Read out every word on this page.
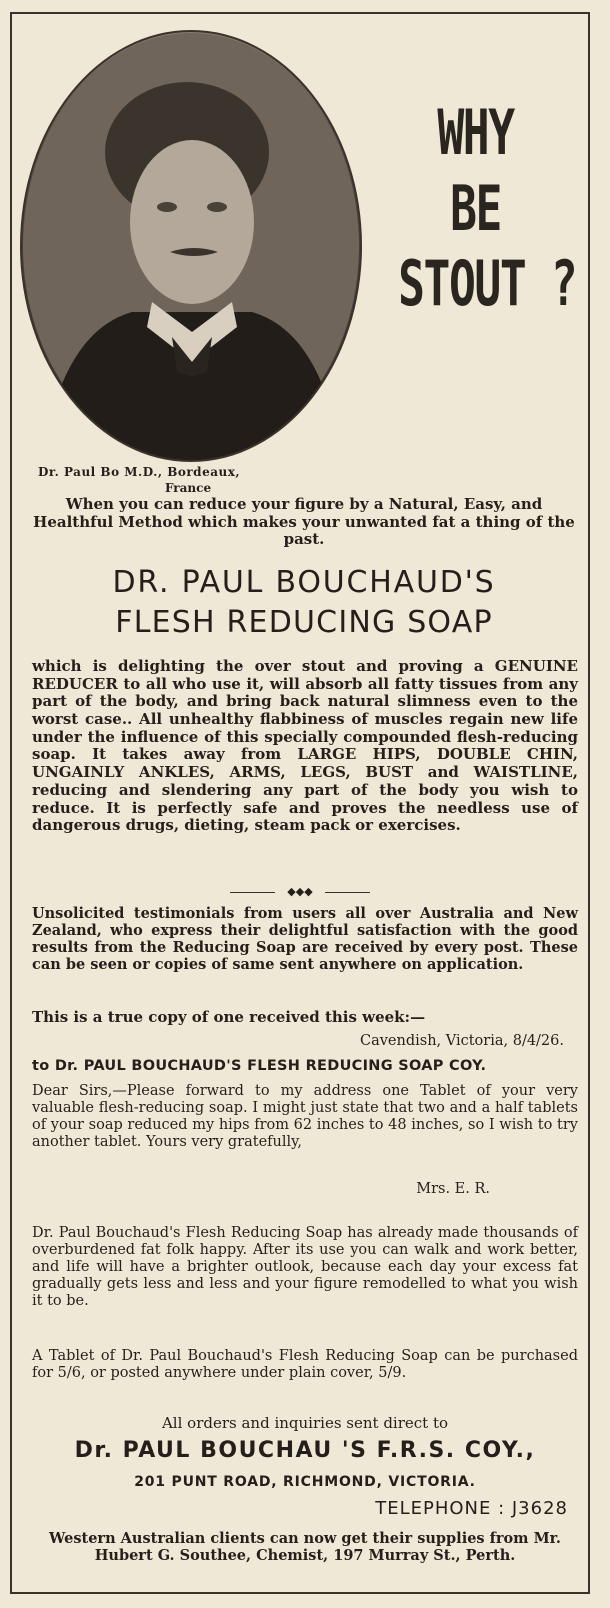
WHY
BE
STOUT ?
Dr. Paul Bo M.D., Bordeaux,
France
When you can reduce your figure by a Natural, Easy, and Healthful Method which makes your unwanted fat a thing of the past.
DR. PAUL BOUCHAUD'S
FLESH REDUCING SOAP
which is delighting the over stout and proving a GENUINE REDUCER to all who use it, will absorb all fatty tissues from any part of the body, and bring back natural slimness even to the worst case.. All unhealthy flabbiness of muscles regain new life under the influence of this specially compounded flesh-reducing soap. It takes away from LARGE HIPS, DOUBLE CHIN, UNGAINLY ANKLES, ARMS, LEGS, BUST and WAISTLINE, reducing and slendering any part of the body you wish to reduce. It is perfectly safe and proves the needless use of dangerous drugs, dieting, steam pack or exercises.
◆◆◆
Unsolicited testimonials from users all over Australia and New Zealand, who express their delightful satisfaction with the good results from the Reducing Soap are received by every post. These can be seen or copies of same sent anywhere on application.
This is a true copy of one received this week:—
Cavendish, Victoria, 8/4/26.
to Dr. PAUL BOUCHAUD'S FLESH REDUCING SOAP COY.
Dear Sirs,—Please forward to my address one Tablet of your very valuable flesh-reducing soap. I might just state that two and a half tablets of your soap reduced my hips from 62 inches to 48 inches, so I wish to try another tablet. Yours very gratefully,
Mrs. E. R.
Dr. Paul Bouchaud's Flesh Reducing Soap has already made thousands of overburdened fat folk happy. After its use you can walk and work better, and life will have a brighter outlook, because each day your excess fat gradually gets less and less and your figure remodelled to what you wish it to be.
A Tablet of Dr. Paul Bouchaud's Flesh Reducing Soap can be purchased for 5/6, or posted anywhere under plain cover, 5/9.
All orders and inquiries sent direct to
Dr. PAUL BOUCHAU 'S F.R.S. COY.,
201 PUNT ROAD, RICHMOND, VICTORIA.
TELEPHONE : J3628
Western Australian clients can now get their supplies from Mr. Hubert G. Southee, Chemist, 197 Murray St., Perth.
